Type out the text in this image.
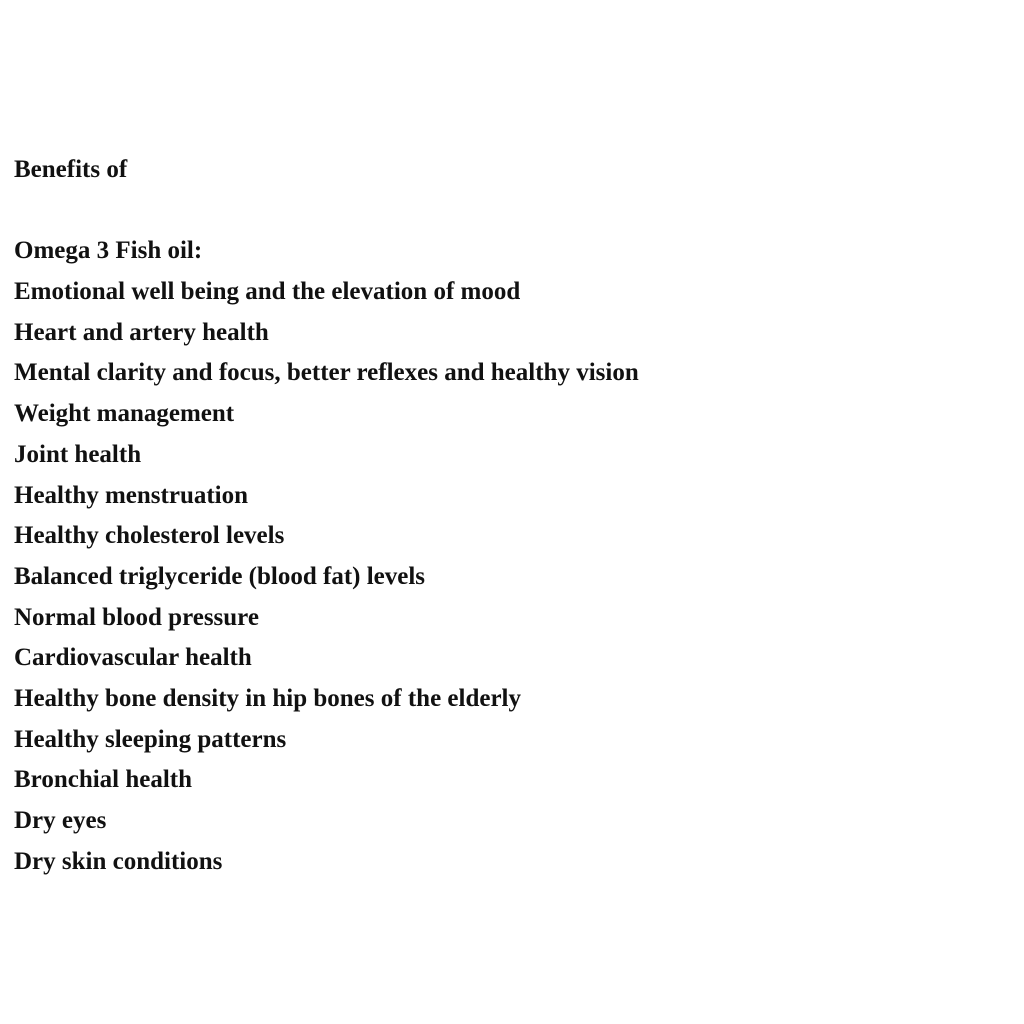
Benefits of
Omega 3 Fish oil:
Emotional well being and the elevation of mood
Heart and artery health
Mental clarity and focus, better reflexes and healthy vision
Weight management
Joint health
Healthy menstruation
Healthy cholesterol levels
Balanced triglyceride (blood fat) levels
Normal blood pressure
Cardiovascular health
Healthy bone density in hip bones of the elderly
Healthy sleeping patterns
Bronchial health
Dry eyes
Dry skin conditions
